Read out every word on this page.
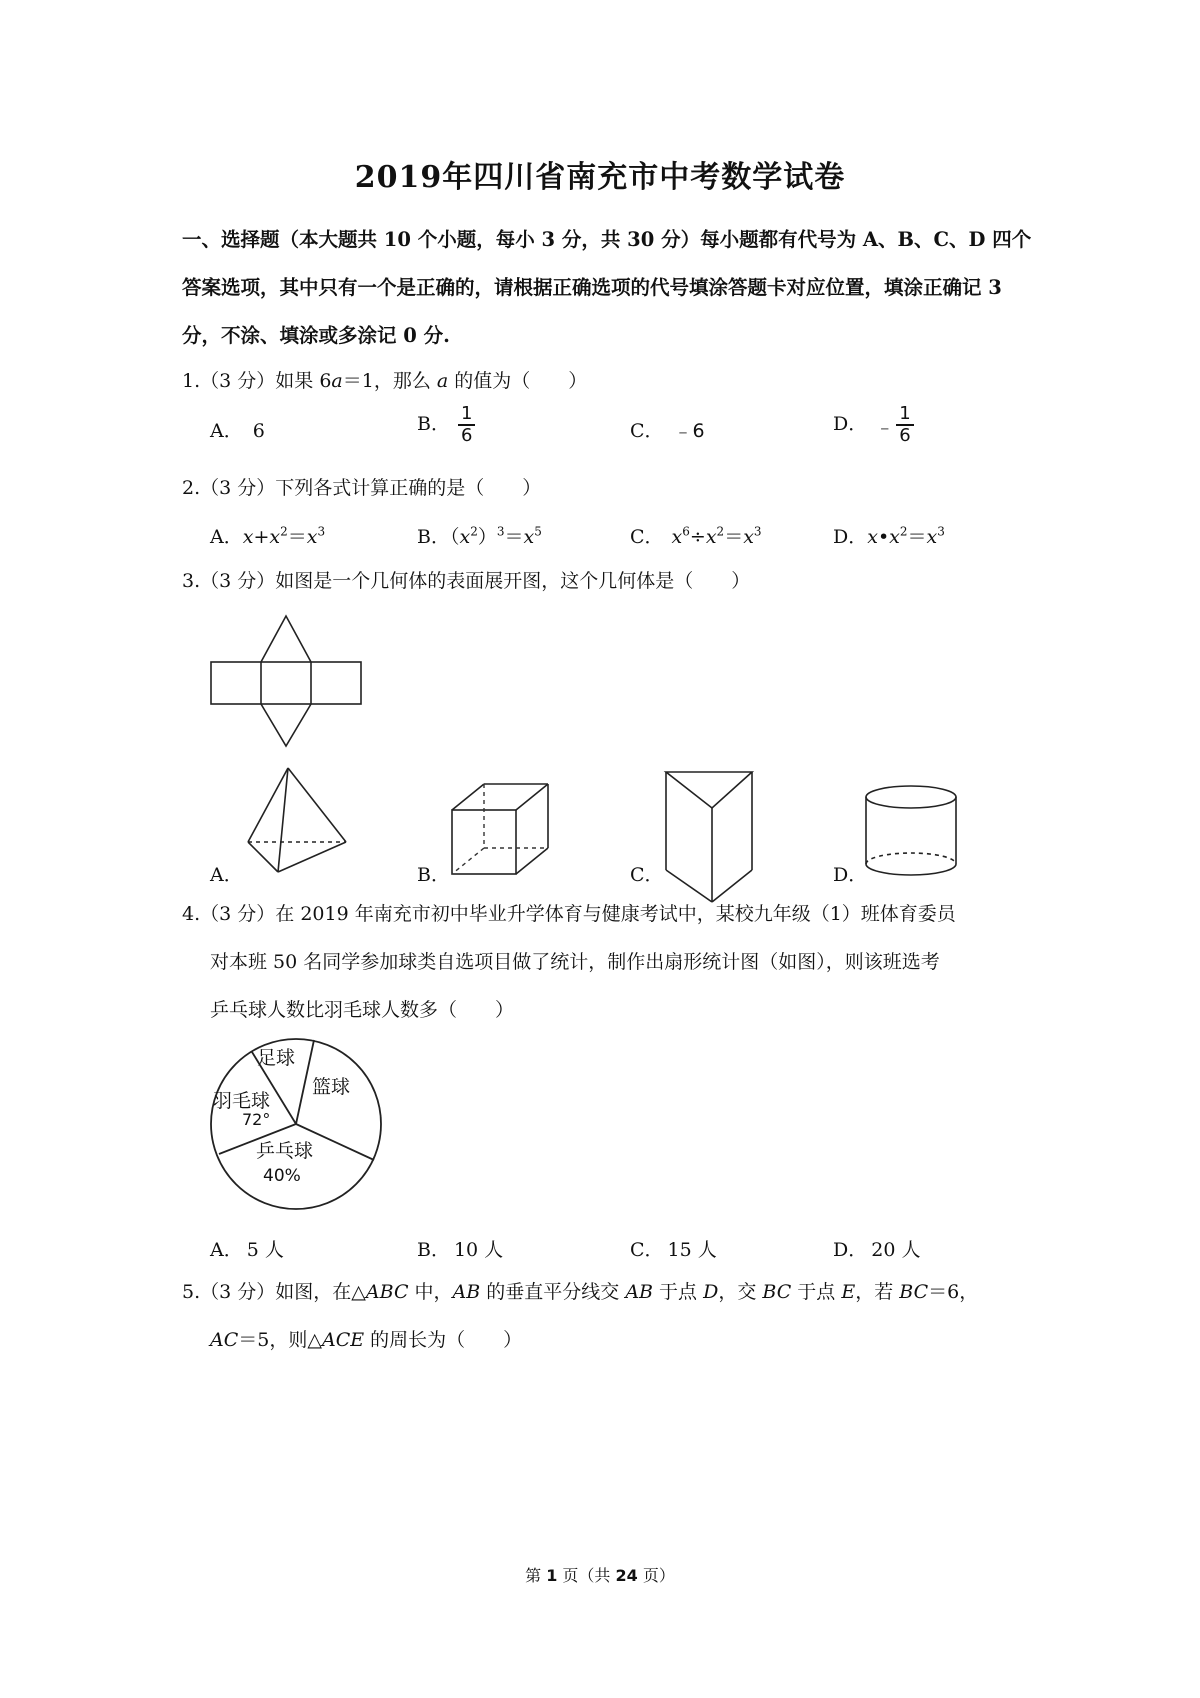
2019年四川省南充市中考数学试卷
一、选择题（本大题共 10 个小题，每小 3 分，共 30 分）每小题都有代号为 A、B、C、D 四个答案选项，其中只有一个是正确的，请根据正确选项的代号填涂答题卡对应位置，填涂正确记 3 分，不涂、填涂或多涂记 0 分.
1.（3 分）如果 6a＝1，那么 a 的值为（　　）
A． 6	B． $\frac{1}{6}$	C． ﹣6	D． ﹣ $\frac{1}{6}$
2.（3 分）下列各式计算正确的是（　　）
A．$x+x^2=x^3$	B．$(x^2)^3=x^5$	C． $x^6\div x^2=x^3$	D．$x•x^2=x^3$
3.（3 分）如图是一个几何体的表面展开图，这个几何体是（　　）
A．	B．	C．	D．
4.（3 分）在 2019 年南充市初中毕业升学体育与健康考试中，某校九年级（1）班体育委员
对本班 50 名同学参加球类自选项目做了统计，制作出扇形统计图（如图），则该班选考
乒乓球人数比羽毛球人数多（　　）
足球
篮球
羽毛球
72°
乒乓球
40%
A． 5 人	B． 10 人	C． 15 人	D． 20 人
5.（3 分）如图，在△ABC 中，AB 的垂直平分线交 AB 于点 D，交 BC 于点 E，若 BC＝6，
AC＝5，则△ACE 的周长为（　　）
第 1 页（共 24 页）
